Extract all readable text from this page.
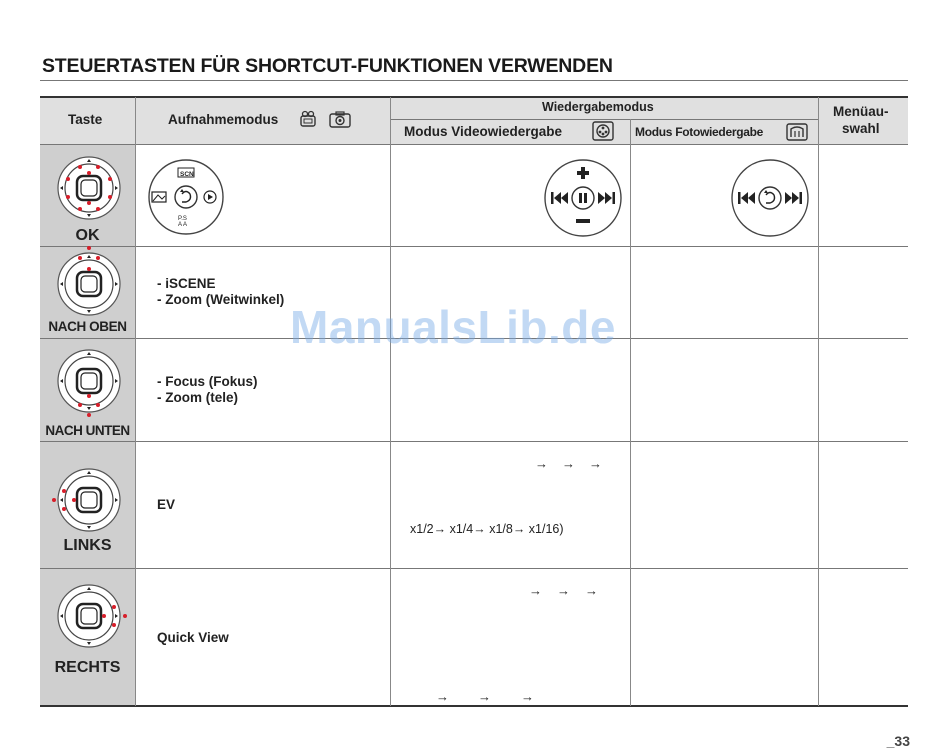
STEUERTASTEN FÜR SHORTCUT-FUNKTIONEN VERWENDEN
Taste	Aufnahmemodus
Wiedergabemodus
Modus Videowiedergabe	Modus Fotowiedergabe
Menüau-
swahl
OK
NACH OBEN
NACH UNTEN
LINKS
RECHTS
SCN
P.S
A A
- iSCENE
- Zoom (Weitwinkel)
- Focus (Fokus)
- Zoom (tele)
EV
Quick View
→ → →
x1/2→ x1/4→ x1/8→ x1/16)
→ → →
→ → →
ManualsLib.de
_33
